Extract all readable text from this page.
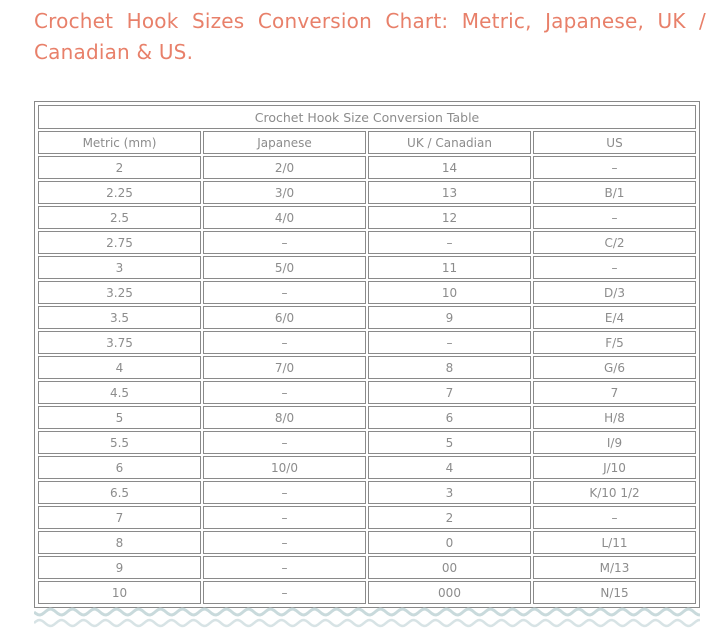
Crochet Hook Sizes Conversion Chart: Metric, Japanese, UK / Canadian & US.
Crochet Hook Size Conversion Table			
Metric (mm)	Japanese	UK / Canadian	US
2	2/0	14	–
2.25	3/0	13	B/1
2.5	4/0	12	–
2.75	–	–	C/2
3	5/0	11	–
3.25	–	10	D/3
3.5	6/0	9	E/4
3.75	–	–	F/5
4	7/0	8	G/6
4.5	–	7	7
5	8/0	6	H/8
5.5	–	5	I/9
6	10/0	4	J/10
6.5	–	3	K/10 1/2
7	–	2	–
8	–	0	L/11
9	–	00	M/13
10	–	000	N/15
